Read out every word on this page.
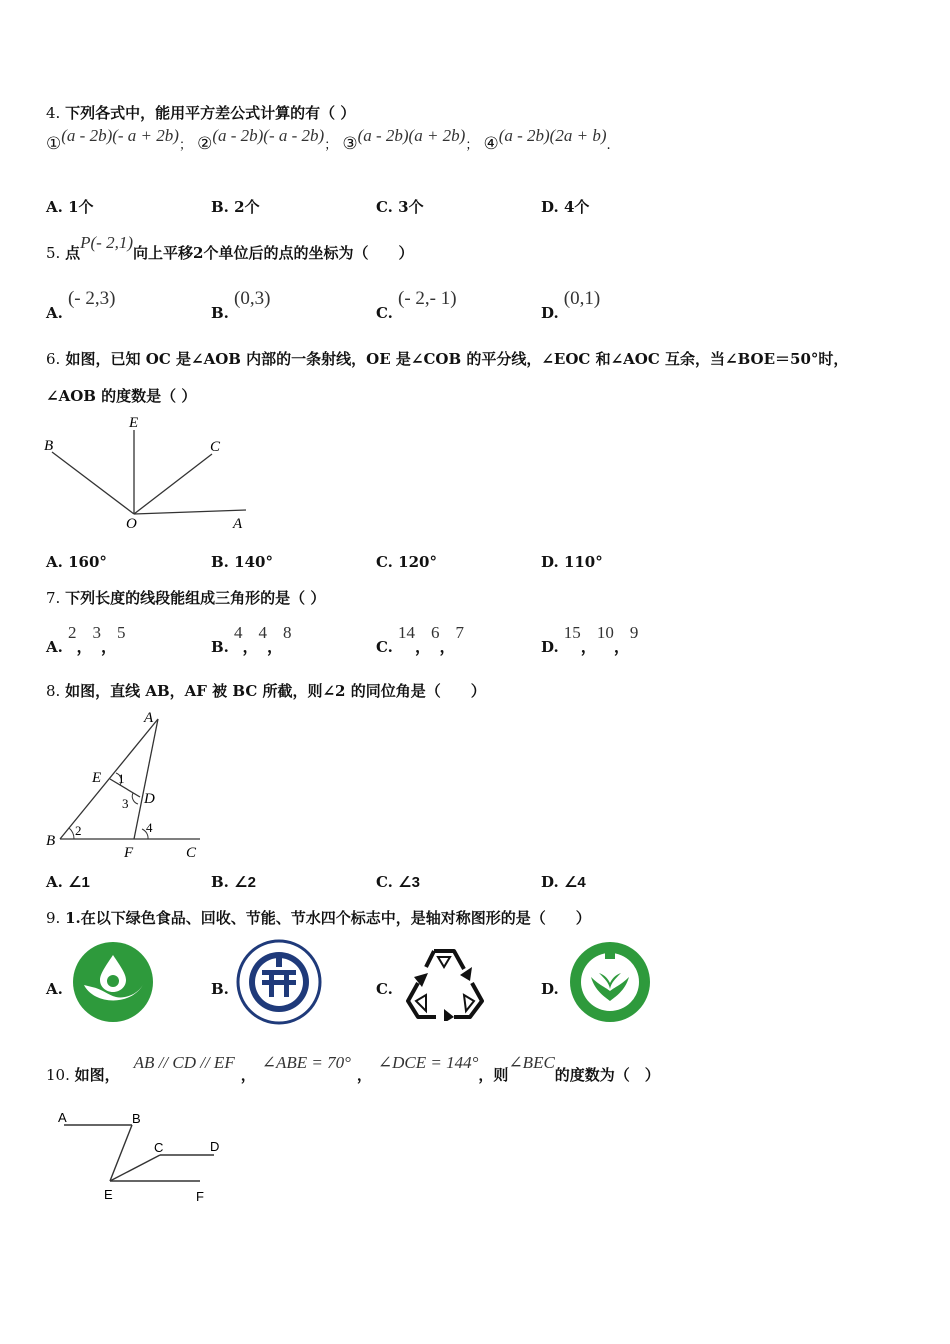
4. 下列各式中，能用平方差公式计算的有（ ）
①(a - 2b)(- a + 2b)； ②(a - 2b)(- a - 2b)； ③(a - 2b)(a + 2b)； ④(a - 2b)(2a + b).
A. 1个	B. 2个	C. 3个	D. 4个
5. 点P(- 2,1)向上平移2个单位后的点的坐标为（　　）
A. (- 2,3)
B. (0,3)
C. (- 2,- 1)
D. (0,1)
6. 如图，已知 OC 是∠AOB 内部的一条射线，OE 是∠COB 的平分线，∠EOC 和∠AOC 互余，当∠BOE＝50°时，
∠AOB 的度数是（ ）
B
E
C
O	A
A. 160°	B. 140°	C. 120°	D. 110°
7. 下列长度的线段能组成三角形的是（ ）
A. 2，3，5
B. 4，4，8
C. 14，6，7
D. 15，10，9
8. 如图，直线 AB，AF 被 BC 所截，则∠2 的同位角是（　　）
A
E
D
B
F	C
1
2
3
4
A. ∠1	B. ∠2	C. ∠3	D. ∠4
9. 1.在以下绿色食品、回收、节能、节水四个标志中，是轴对称图形的是（　　）
A.	B.	C.	D.
10. 如图，AB // CD // EF，∠ABE = 70°，∠DCE = 144°，则∠BEC的度数为（　）
A	B
C	D
E	F
